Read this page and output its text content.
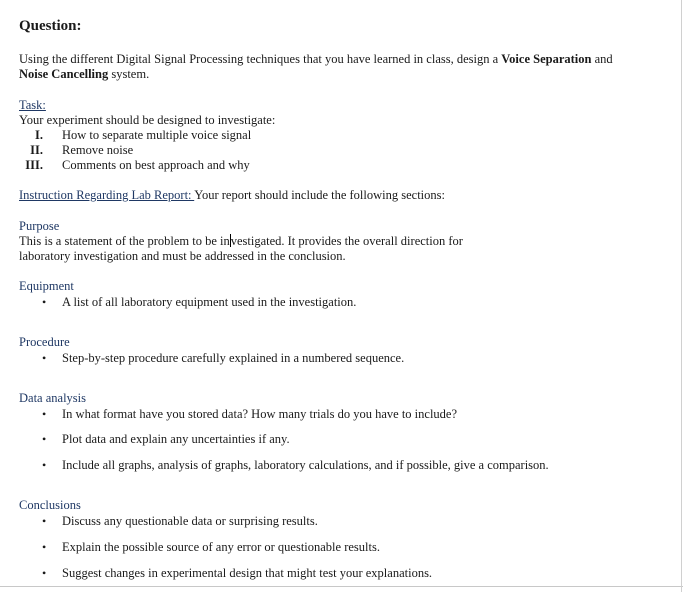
Question:
Using the different Digital Signal Processing techniques that you have learned in class, design a Voice Separation and
Noise Cancelling system.
Task:
Your experiment should be designed to investigate:
I. How to separate multiple voice signal
II. Remove noise
III. Comments on best approach and why
Instruction Regarding Lab Report: Your report should include the following sections:
Purpose
This is a statement of the problem to be investigated. It provides the overall direction for
laboratory investigation and must be addressed in the conclusion.
Equipment
• A list of all laboratory equipment used in the investigation.
Procedure
• Step-by-step procedure carefully explained in a numbered sequence.
Data analysis
• In what format have you stored data? How many trials do you have to include?
• Plot data and explain any uncertainties if any.
• Include all graphs, analysis of graphs, laboratory calculations, and if possible, give a comparison.
Conclusions
• Discuss any questionable data or surprising results.
• Explain the possible source of any error or questionable results.
• Suggest changes in experimental design that might test your explanations.
